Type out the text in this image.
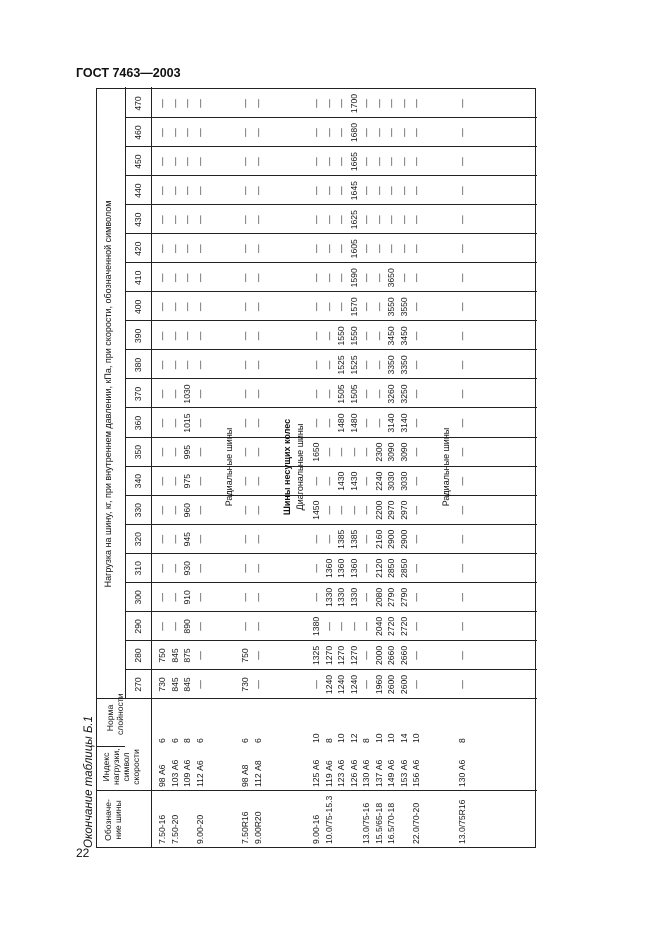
ГОСТ 7463—2003
Окончание таблицы Б.1 Обозначе-ние шины
Индекс нагрузки, символ скорости
Норма слойности
Нагрузка на шину, кг, при внутреннем давлении, кПа, при скорости, обозначенной символом
270
280
290
300
310
320
330
340
350
360
370
380
390
400
410
420
430
440
450
460
470
7.50-16
98 А6
6
730
750
—
—
—
—
—
—
—
—
—
—
—
—
—
—
—
—
—
—
—
7.50-20
103 А6
6
845
845
—
—
—
—
—
—
—
—
—
—
—
—
—
—
—
—
—
—
—
109 А6
8
845
875
890
910
930
945
960
975
995
1015
1030
—
—
—
—
—
—
—
—
—
—
9.00-20
112 А6
6
—
—
—
—
—
—
—
—
—
—
—
—
—
—
—
—
—
—
—
—
—
Радиальные шины
7.50R16
98 А8
6
730
750
—
—
—
—
—
—
—
—
—
—
—
—
—
—
—
—
—
—
—
9.00R20
112 А8
6
—
—
—
—
—
—
—
—
—
—
—
—
—
—
—
—
—
—
—
—
—
Шины несущих колес Диагональные шины
9.00-16
125 А6
10
—
1325
1380
—
—
—
1450
—
1650
—
—
—
—
—
—
—
—
—
—
—
—
10.0/75-15.3
119 А6
8
1240
1270
—
1330
1360
—
—
—
—
—
—
—
—
—
—
—
—
—
—
—
—
123 А6
10
1240
1270
—
1330
1360
1385
—
1430
—
1480
1505
1525
1550
—
—
—
—
—
—
—
—
126 А6
12
1240
1270
—
1330
1360
1385
—
1430
—
1480
1505
1525
1550
1570
1590
1605
1625
1645
1665
1680
1700
13.0/75-16
130 А6
8
—
—
—
—
—
—
—
—
—
—
—
—
—
—
—
—
—
—
—
—
—
15.5/65-18
137 А6
10
1960
2000
2040
2080
2120
2160
2200
2240
2300
—
—
—
—
—
—
—
—
—
—
—
—
16.5/70-18
149 А6
10
2600
2660
2720
2790
2850
2900
2970
3030
3090
3140
3260
3350
3450
3550
3650
—
—
—
—
—
—
153 А6
14
2600
2660
2720
2790
2850
2900
2970
3030
3090
3140
3250
3350
3450
3550
—
—
—
—
—
—
—
22.0/70-20
156 А6
10
—
—
—
—
—
—
—
—
—
—
—
—
—
—
—
—
—
—
—
—
—
Радиальные шины
13.0/75R16
130 А6
8
—
—
—
—
—
—
—
—
—
—
—
—
—
—
—
—
—
—
—
—
—
22
